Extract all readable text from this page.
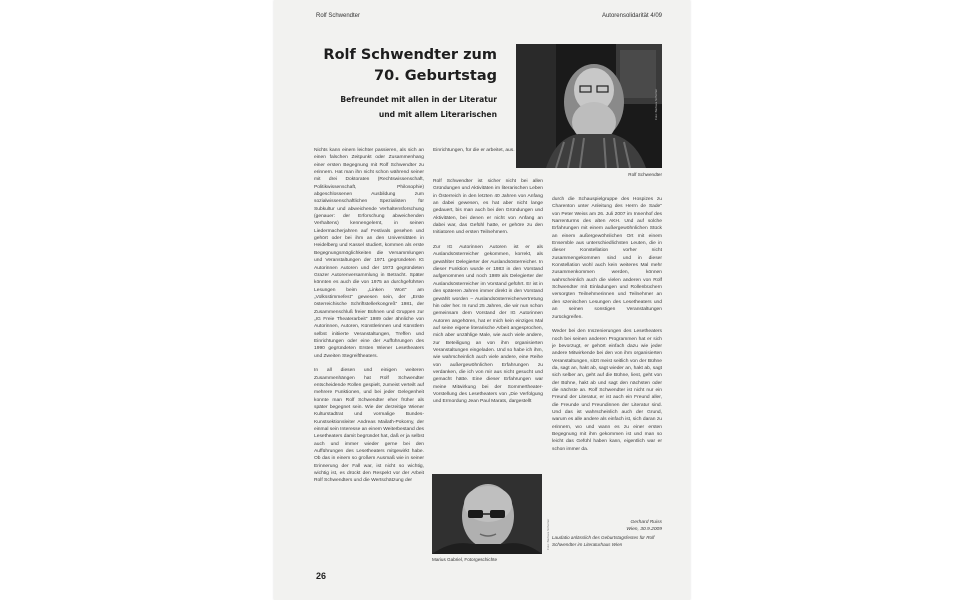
Rolf Schwendter	Autorensolidarität 4/09
Rolf Schwendter zum
70. Geburtstag
Befreundet mit allen in der Literatur
und mit allem Literarischen	Foto: Barbara Schemer
Rolf Schwendter

Nichts kann einem leichter passieren, als sich an einen falschen Zeitpunkt oder Zusammenhang einer ersten Begegnung mit Rolf Schwendter zu erinnern. Hat man ihn nicht schon während seiner mit drei Doktoraten (Rechtswissenschaft, Politikwissenschaft, Philosophie) abgeschlossenen Ausbildung zum sozialwissenschaftlichen Spezialisten für Subkultur und abweichende Verhaltensforschung (genauer: der Erforschung abweichenden Verhaltens) kennengelernt, in seinen Liedermacherjahren auf Festivals gesehen und gehört oder bei ihm an den Universitäten in Heidelberg und Kassel studiert, kommen als erste Begegnungsmöglichkeiten die Versammlungen und Veranstaltungen der 1971 gegründeten IG Autorinnen Autoren und der 1973 gegründeten Grazer Autorenversammlung in Betracht. Später könnten es auch die von 1975 an durchgeführten Lesungen beim „Linken Wort" am „Volksstimmefest" gewesen sein, der „Erste österreichische Schriftstellerkongreß" 1981, der Zusammenschluß freier Bühnen und Gruppen zur „IG Freie Theaterarbeit" 1989 oder ähnliche von Autorinnen, Autoren, Künstlerinnen und Künstlern selbst initiierte Veranstaltungen, Treffen und Einrichtungen oder eine der Aufführungen des 1990 gegründeten Ersten Wiener Lesetheaters und Zweiten Stegreiftheaters.

In all diesen und einigen weiteren Zusammenhängen hat Rolf Schwendter entscheidende Rollen gespielt, zumeist verteilt auf mehrere Funktionen, und bei jeder Gelegenheit konnte man Rolf Schwendter eher früher als später begegnet sein. Wie der derzeitige Wiener Kulturstadtrat und vormalige Bundes-Kunstsektionsleiter Andreas Mailath-Pokorny, der einmal sein Interesse an einem Weiterbestand des Lesetheaters damit begründet hat, daß er ja selbst auch und immer wieder gerne bei den Aufführungen des Lesetheaters mitgewirkt habe. Ob das in einem so großem Ausmaß wie in seiner Erinnerung der Fall war, ist nicht so wichtig, wichtig ist, es drückt den Respekt vor der Arbeit Rolf Schwendters und die Wertschätzung der

Einrichtungen, für die er arbeitet, aus.

Rolf Schwendter ist sicher nicht bei allen Gründungen und Aktivitäten im literarischen Leben in Österreich in den letzten 40 Jahren von Anfang an dabei gewesen, es hat aber nicht lange gedauert, bis man auch bei den Gründungen und Aktivitäten, bei denen er nicht von Anfang an dabei war, das Gefühl hatte, er gehöre zu den Initiatoren und ersten Teilnehmern.

Zur IG Autorinnen Autoren ist er als Auslandsösterreicher gekommen, korrekt, als gewählter Delegierter der Auslandsösterreicher. In dieser Funktion wurde er 1983 in den Vorstand aufgenommen und noch 1989 als Delegierter der Auslandsösterreicher im Vorstand geführt. Er ist in den späteren Jahren immer direkt in den Vorstand gewählt worden – Auslandsösterreichervertretung hin oder her. In rund 25 Jahren, die wir nun schon gemeinsam dem Vorstand der IG Autorinnen Autoren angehören, hat er mich kein einziges Mal auf seine eigene literarische Arbeit angesprochen, mich aber unzählige Male, wie auch viele andere, zur Beteiligung an von ihm organisierten Veranstaltungen eingeladen. Und so habe ich ihm, wie wahrscheinlich auch viele andere, eine Reihe von außergewöhnlichen Erfahrungen zu verdanken, die ich von mir aus nicht gesucht und gemacht hätte. Eine dieser Erfahrungen war meine Mitwirkung bei der Sommertheater-Vorstellung des Lesetheaters von „Die Verfolgung und Ermordung Jean Paul Marats, dargestellt

durch die Schauspielgruppe des Hospizes zu Charenton unter Anleitung des Herrn de Sade" von Peter Weiss am 26. Juli 2007 im Innenhof des Narrenturms des alten AKH. Und auf solche Erfahrungen mit einem außergewöhnlichen Stück an einem außergewöhnlichen Ort mit einem Ensemble aus unterschiedlichsten Leuten, die in dieser Konstellation vorher nicht zusammengekommen sind und in dieser Konstellation wohl auch kein weiteres Mal mehr zusammenkommen werden, können wahrscheinlich auch die vielen anderen von Rolf Schwendter mit Einladungen und Rollenbüchern versorgten Teilnehmerinnen und Teilnehmer an den szenischen Lesungen des Lesetheaters und an seinen sonstigen Veranstaltungen zurückgreifen.

Weder bei den Inszenierungen des Lesetheaters noch bei seinen anderen Programmen hat er sich je bevorzugt, er gehört einfach dazu wie jeder andere Mitwirkende bei den von ihm organisierten Veranstaltungen, sitzt meist seitlich von der Bühne da, sagt an, hakt ab, sagt wieder an, hakt ab, sagt sich selber an, geht auf die Bühne, liest, geht von der Bühne, hakt ab und sagt den nächsten oder die nächste an. Rolf Schwendter ist nicht nur ein Freund der Literatur, er ist auch ein Freund aller, die Freunde und Freundinnen der Literatur sind. Und das ist wahrscheinlich auch der Grund, warum es alle andere als einfach ist, sich daran zu erinnern, wo und wann es zu einer ersten Begegnung mit ihm gekommen ist und man so leicht das Gefühl haben kann, eigentlich war er schon immer da.

Gerhard Ruiss
Wien, 30.9.2009
Laudatio anlässlich des Geburtstagsfestes für Rolf Schwendter im Literaturhaus Wien
Foto: Barbara Schemer
Marius Gabriel, Fotorgeschichte
26
